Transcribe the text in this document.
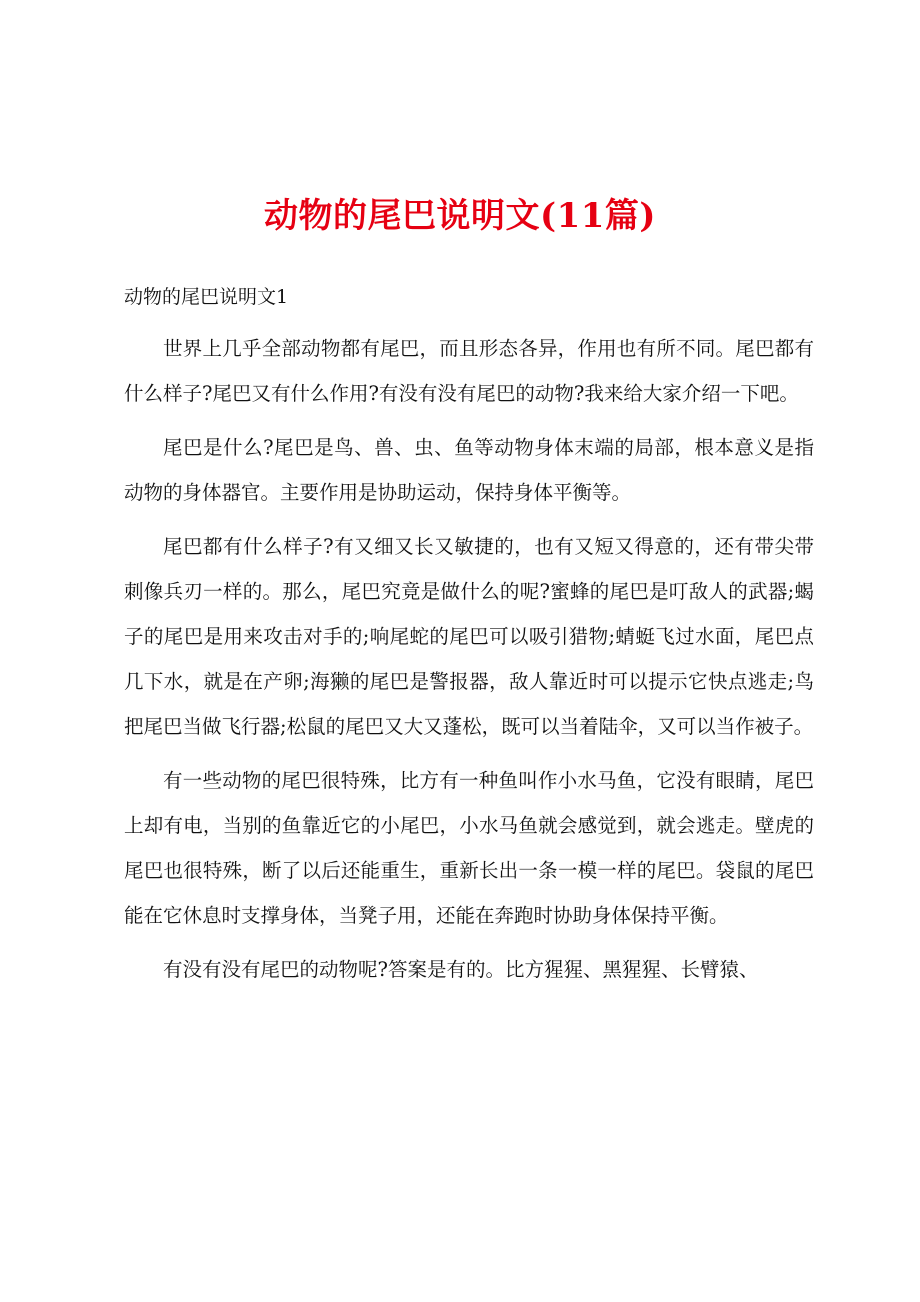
动物的尾巴说明文(11篇)
动物的尾巴说明文1

世界上几乎全部动物都有尾巴，而且形态各异，作用也有所不同。尾巴都有什么样子?尾巴又有什么作用?有没有没有尾巴的动物?我来给大家介绍一下吧。

尾巴是什么?尾巴是鸟、兽、虫、鱼等动物身体末端的局部，根本意义是指动物的身体器官。主要作用是协助运动，保持身体平衡等。

尾巴都有什么样子?有又细又长又敏捷的，也有又短又得意的，还有带尖带刺像兵刃一样的。那么，尾巴究竟是做什么的呢?蜜蜂的尾巴是叮敌人的武器;蝎子的尾巴是用来攻击对手的;响尾蛇的尾巴可以吸引猎物;蜻蜓飞过水面，尾巴点几下水，就是在产卵;海獭的尾巴是警报器，敌人靠近时可以提示它快点逃走;鸟把尾巴当做飞行器;松鼠的尾巴又大又蓬松，既可以当着陆伞，又可以当作被子。

有一些动物的尾巴很特殊，比方有一种鱼叫作小水马鱼，它没有眼睛，尾巴上却有电，当别的鱼靠近它的小尾巴，小水马鱼就会感觉到，就会逃走。壁虎的尾巴也很特殊，断了以后还能重生，重新长出一条一模一样的尾巴。袋鼠的尾巴能在它休息时支撑身体，当凳子用，还能在奔跑时协助身体保持平衡。

有没有没有尾巴的动物呢?答案是有的。比方猩猩、黑猩猩、长臂猿、
